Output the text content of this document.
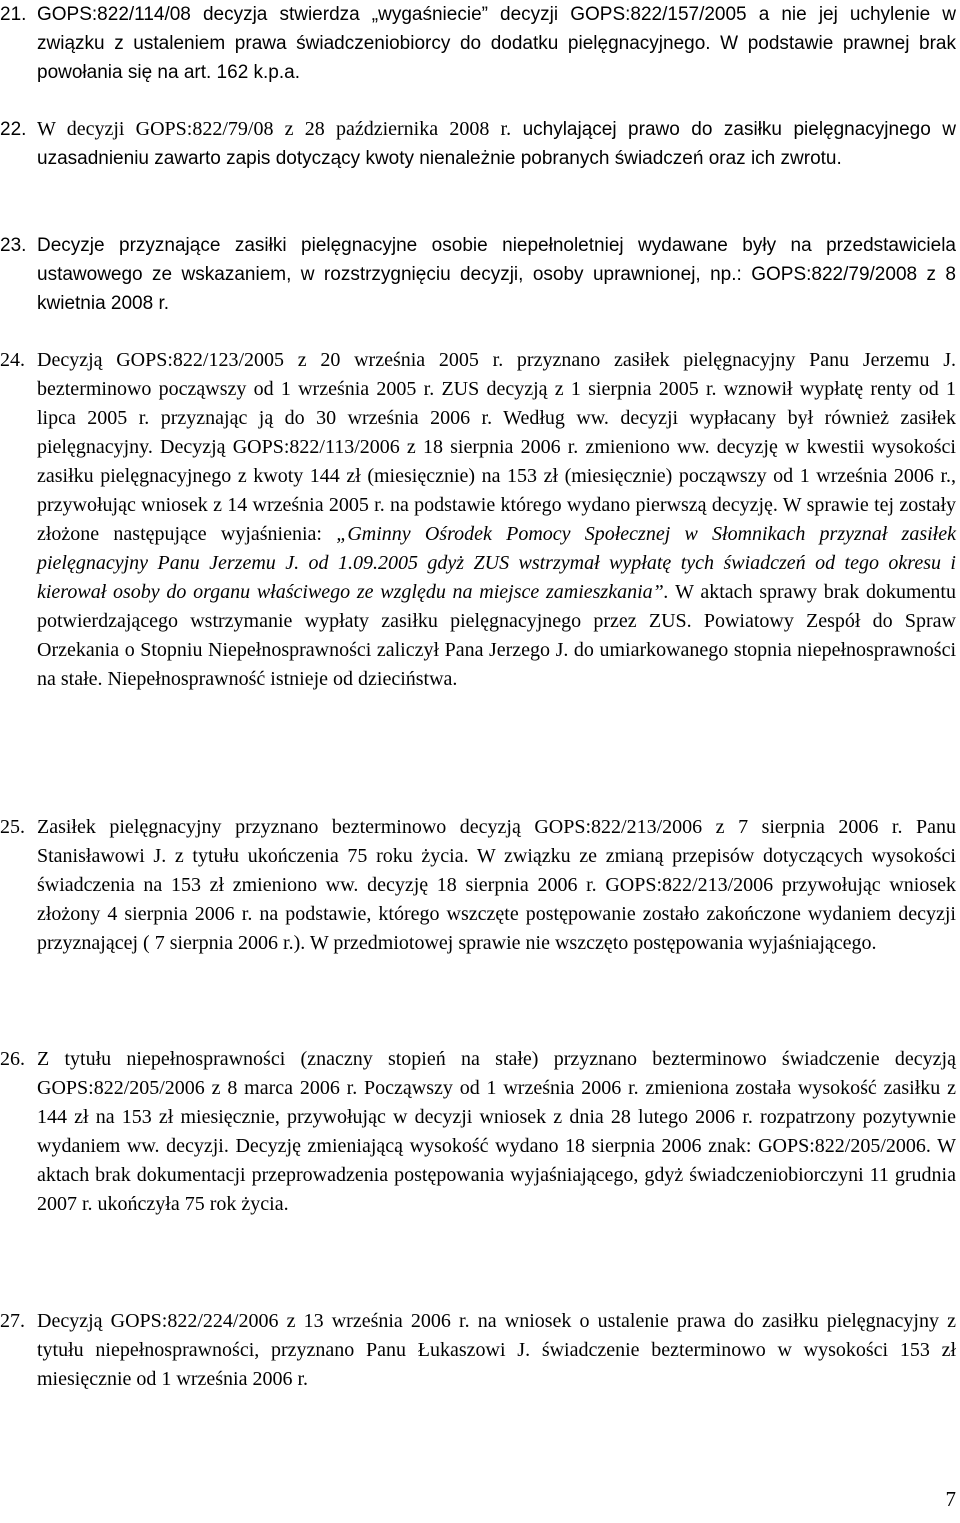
21. GOPS:822/114/08 decyzja stwierdza „wygaśniecie” decyzji GOPS:822/157/2005 a nie jej uchylenie w związku z ustaleniem prawa świadczeniobiorcy do dodatku pielęgnacyjnego. W podstawie prawnej brak powołania się na art. 162 k.p.a.
22. W decyzji GOPS:822/79/08 z 28 października 2008 r. uchylającej prawo do zasiłku pielęgnacyjnego w uzasadnieniu zawarto zapis dotyczący kwoty nienależnie pobranych świadczeń oraz ich zwrotu.
23. Decyzje przyznające zasiłki pielęgnacyjne osobie niepełnoletniej wydawane były na przedstawiciela ustawowego ze wskazaniem, w rozstrzygnięciu decyzji, osoby uprawnionej, np.: GOPS:822/79/2008 z 8 kwietnia 2008 r.
24. Decyzją GOPS:822/123/2005 z 20 września 2005 r. przyznano zasiłek pielęgnacyjny Panu Jerzemu J. bezterminowo począwszy od 1 września 2005 r. ZUS decyzją z 1 sierpnia 2005 r. wznowił wypłatę renty od 1 lipca 2005 r. przyznając ją do 30 września 2006 r. Według ww. decyzji wypłacany był również zasiłek pielęgnacyjny. Decyzją GOPS:822/113/2006 z 18 sierpnia 2006 r. zmieniono ww. decyzję w kwestii wysokości zasiłku pielęgnacyjnego z kwoty 144 zł (miesięcznie) na 153 zł (miesięcznie) począwszy od 1 września 2006 r., przywołując wniosek z 14 września 2005 r. na podstawie którego wydano pierwszą decyzję. W sprawie tej zostały złożone następujące wyjaśnienia: „Gminny Ośrodek Pomocy Społecznej w Słomnikach przyznał zasiłek pielęgnacyjny Panu Jerzemu J. od 1.09.2005 gdyż ZUS wstrzymał wypłatę tych świadczeń od tego okresu i kierował osoby do organu właściwego ze względu na miejsce zamieszkania”. W aktach sprawy brak dokumentu potwierdzającego wstrzymanie wypłaty zasiłku pielęgnacyjnego przez ZUS. Powiatowy Zespół do Spraw Orzekania o Stopniu Niepełnosprawności zaliczył Pana Jerzego J. do umiarkowanego stopnia niepełnosprawności na stałe. Niepełnosprawność istnieje od dzieciństwa.
25. Zasiłek pielęgnacyjny przyznano bezterminowo decyzją GOPS:822/213/2006 z 7 sierpnia 2006 r. Panu Stanisławowi J. z tytułu ukończenia 75 roku życia. W związku ze zmianą przepisów dotyczących wysokości świadczenia na 153 zł zmieniono ww. decyzję 18 sierpnia 2006 r. GOPS:822/213/2006 przywołując wniosek złożony 4 sierpnia 2006 r. na podstawie, którego wszczęte postępowanie zostało zakończone wydaniem decyzji przyznającej ( 7 sierpnia 2006 r.). W przedmiotowej sprawie nie wszczęto postępowania wyjaśniającego.
26. Z tytułu niepełnosprawności (znaczny stopień na stałe) przyznano bezterminowo świadczenie decyzją GOPS:822/205/2006 z 8 marca 2006 r. Począwszy od 1 września 2006 r. zmieniona została wysokość zasiłku z 144 zł na 153 zł miesięcznie, przywołując w decyzji wniosek z dnia 28 lutego 2006 r. rozpatrzony pozytywnie wydaniem ww. decyzji. Decyzję zmieniającą wysokość wydano 18 sierpnia 2006 znak: GOPS:822/205/2006. W aktach brak dokumentacji przeprowadzenia postępowania wyjaśniającego, gdyż świadczeniobiorczyni 11 grudnia 2007 r. ukończyła 75 rok życia.
27. Decyzją GOPS:822/224/2006 z 13 września 2006 r. na wniosek o ustalenie prawa do zasiłku pielęgnacyjny z tytułu niepełnosprawności, przyznano Panu Łukaszowi J. świadczenie bezterminowo w wysokości 153 zł miesięcznie od 1 września 2006 r.
7
